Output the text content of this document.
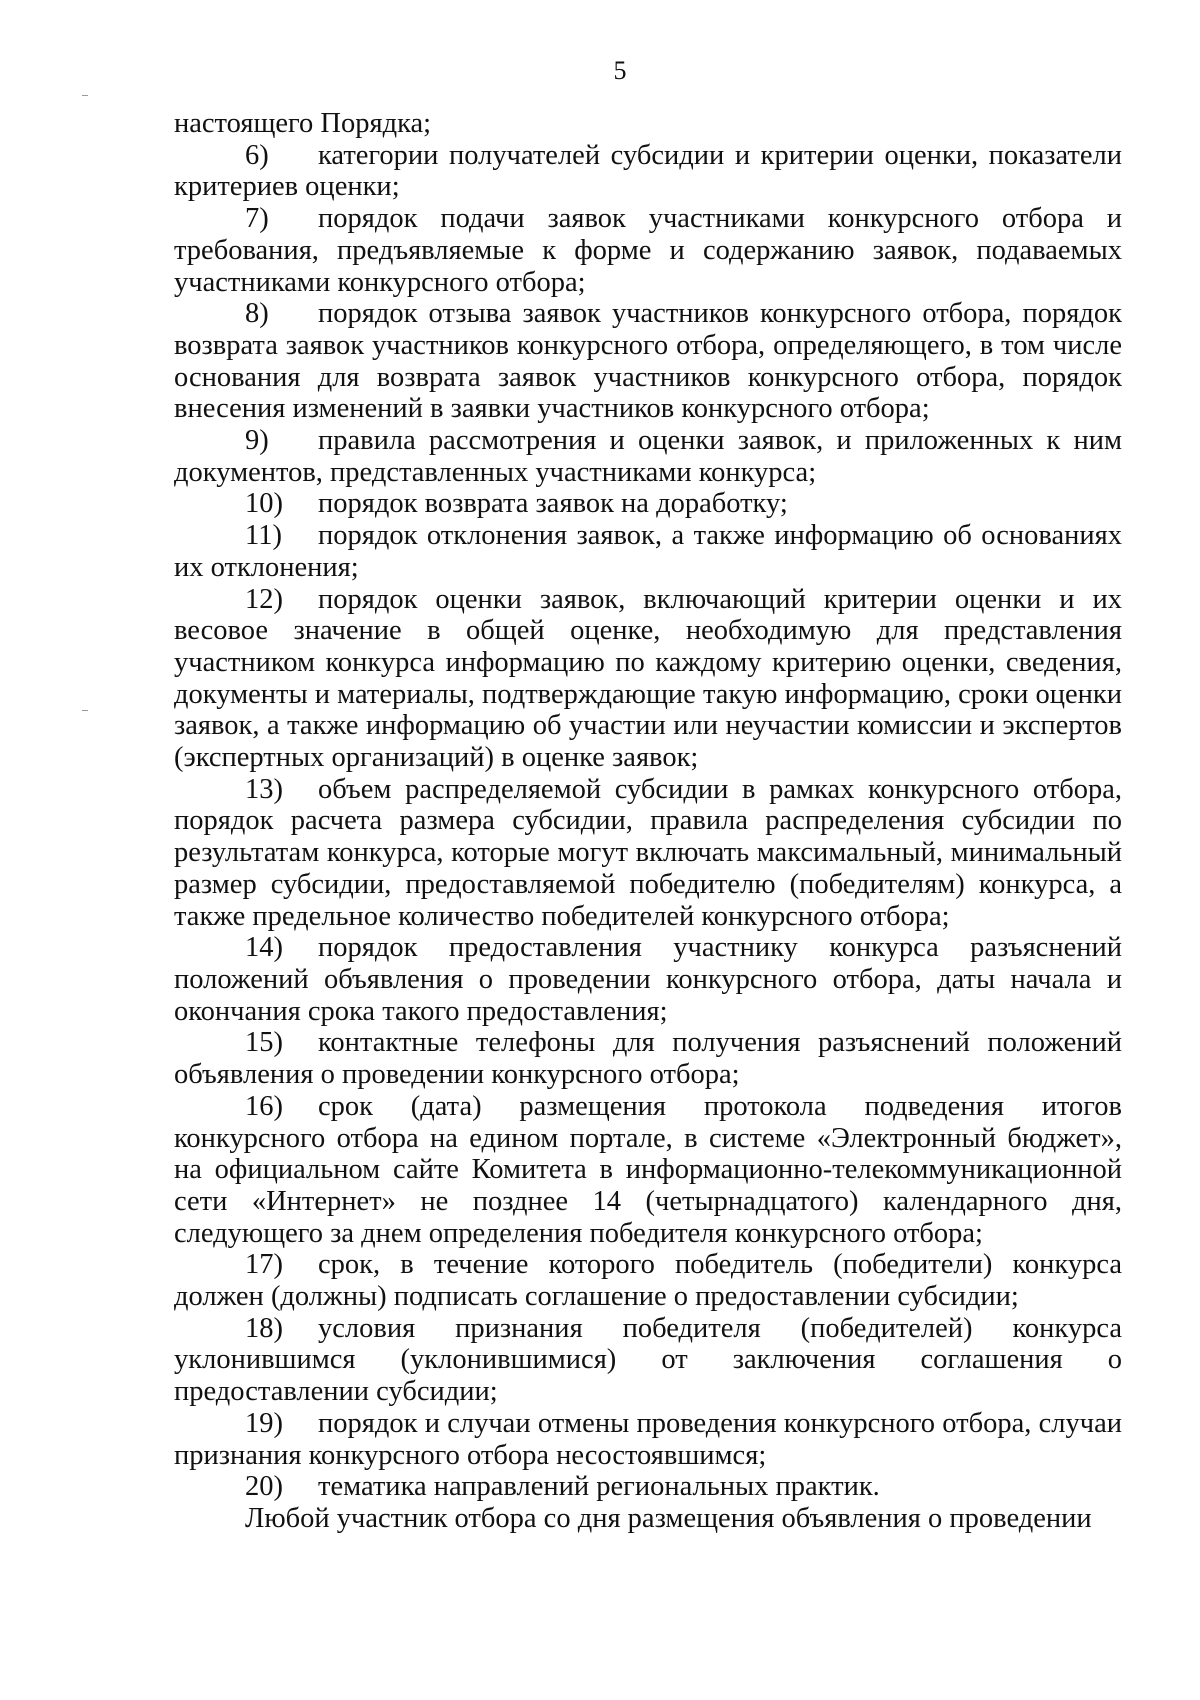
5

настоящего Порядка;

6) категории получателей субсидии и критерии оценки, показатели критериев оценки;

7) порядок подачи заявок участниками конкурсного отбора и требования, предъявляемые к форме и содержанию заявок, подаваемых участниками конкурсного отбора;

8) порядок отзыва заявок участников конкурсного отбора, порядок возврата заявок участников конкурсного отбора, определяющего, в том числе основания для возврата заявок участников конкурсного отбора, порядок внесения изменений в заявки участников конкурсного отбора;

9) правила рассмотрения и оценки заявок, и приложенных к ним документов, представленных участниками конкурса;

10) порядок возврата заявок на доработку;

11) порядок отклонения заявок, а также информацию об основаниях их отклонения;

12) порядок оценки заявок, включающий критерии оценки и их весовое значение в общей оценке, необходимую для представления участником конкурса информацию по каждому критерию оценки, сведения, документы и материалы, подтверждающие такую информацию, сроки оценки заявок, а также информацию об участии или неучастии комиссии и экспертов (экспертных организаций) в оценке заявок;

13) объем распределяемой субсидии в рамках конкурсного отбора, порядок расчета размера субсидии, правила распределения субсидии по результатам конкурса, которые могут включать максимальный, минимальный размер субсидии, предоставляемой победителю (победителям) конкурса, а также предельное количество победителей конкурсного отбора;

14) порядок предоставления участнику конкурса разъяснений положений объявления о проведении конкурсного отбора, даты начала и окончания срока такого предоставления;

15) контактные телефоны для получения разъяснений положений объявления о проведении конкурсного отбора;

16) срок (дата) размещения протокола подведения итогов конкурсного отбора на едином портале, в системе «Электронный бюджет», на официальном сайте Комитета в информационно-телекоммуникационной сети «Интернет» не позднее 14 (четырнадцатого) календарного дня, следующего за днем определения победителя конкурсного отбора;

17) срок, в течение которого победитель (победители) конкурса должен (должны) подписать соглашение о предоставлении субсидии;

18) условия признания победителя (победителей) конкурса уклонившимся (уклонившимися) от заключения соглашения о предоставлении субсидии;

19) порядок и случаи отмены проведения конкурсного отбора, случаи признания конкурсного отбора несостоявшимся;

20) тематика направлений региональных практик.

Любой участник отбора со дня размещения объявления о проведении
